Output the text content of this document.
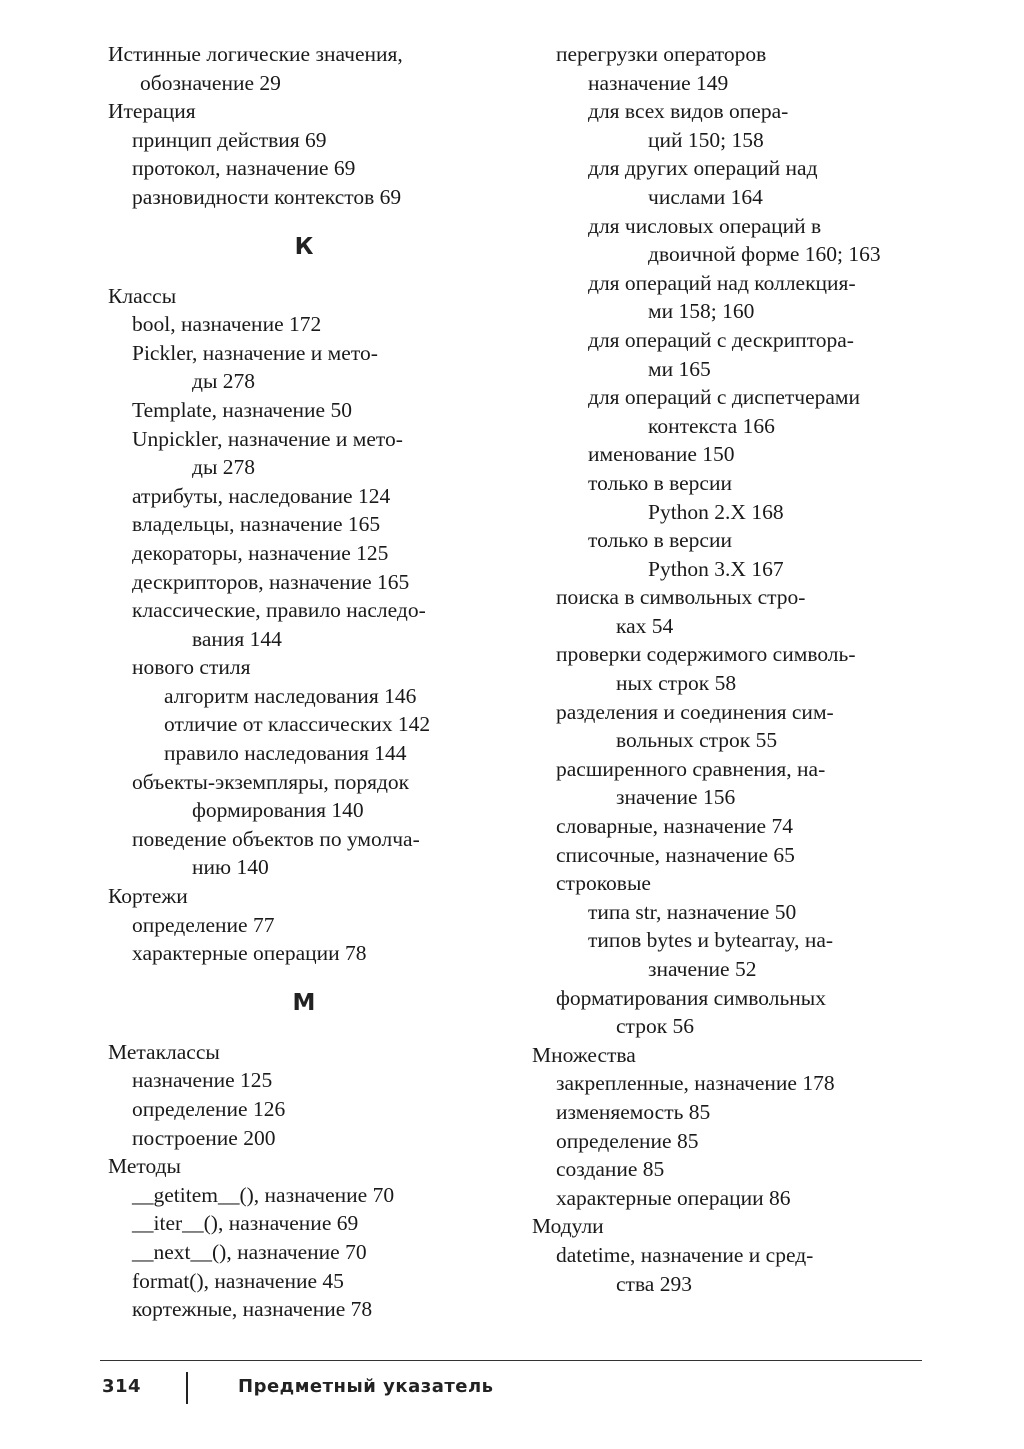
Истинные логические значения,
обозначение 29
Итерация
принцип действия 69
протокол, назначение 69
разновидности контекстов 69
К
Классы
bool, назначение 172
Pickler, назначение и мето-
ды 278
Template, назначение 50
Unpickler, назначение и мето-
ды 278
атрибуты, наследование 124
владельцы, назначение 165
декораторы, назначение 125
дескрипторов, назначение 165
классические, правило наследо-
вания 144
нового стиля
алгоритм наследования 146
отличие от классических 142
правило наследования 144
объекты-экземпляры, порядок
формирования 140
поведение объектов по умолча-
нию 140
Кортежи
определение 77
характерные операции 78
М
Метаклассы
назначение 125
определение 126
построение 200
Методы
__getitem__(), назначение 70
__iter__(), назначение 69
__next__(), назначение 70
format(), назначение 45
кортежные, назначение 78
перегрузки операторов
назначение 149
для всех видов опера-
ций 150; 158
для других операций над
числами 164
для числовых операций в
двоичной форме 160; 163
для операций над коллекция-
ми 158; 160
для операций с дескриптора-
ми 165
для операций с диспетчерами
контекста 166
именование 150
только в версии
Python 2.X 168
только в версии
Python 3.X 167
поиска в символьных стро-
ках 54
проверки содержимого символь-
ных строк 58
разделения и соединения сим-
вольных строк 55
расширенного сравнения, на-
значение 156
словарные, назначение 74
списочные, назначение 65
строковые
типа str, назначение 50
типов bytes и bytearray, на-
значение 52
форматирования символьных
строк 56
Множества
закрепленные, назначение 178
изменяемость 85
определение 85
создание 85
характерные операции 86
Модули
datetime, назначение и сред-
ства 293
314	Предметный указатель
